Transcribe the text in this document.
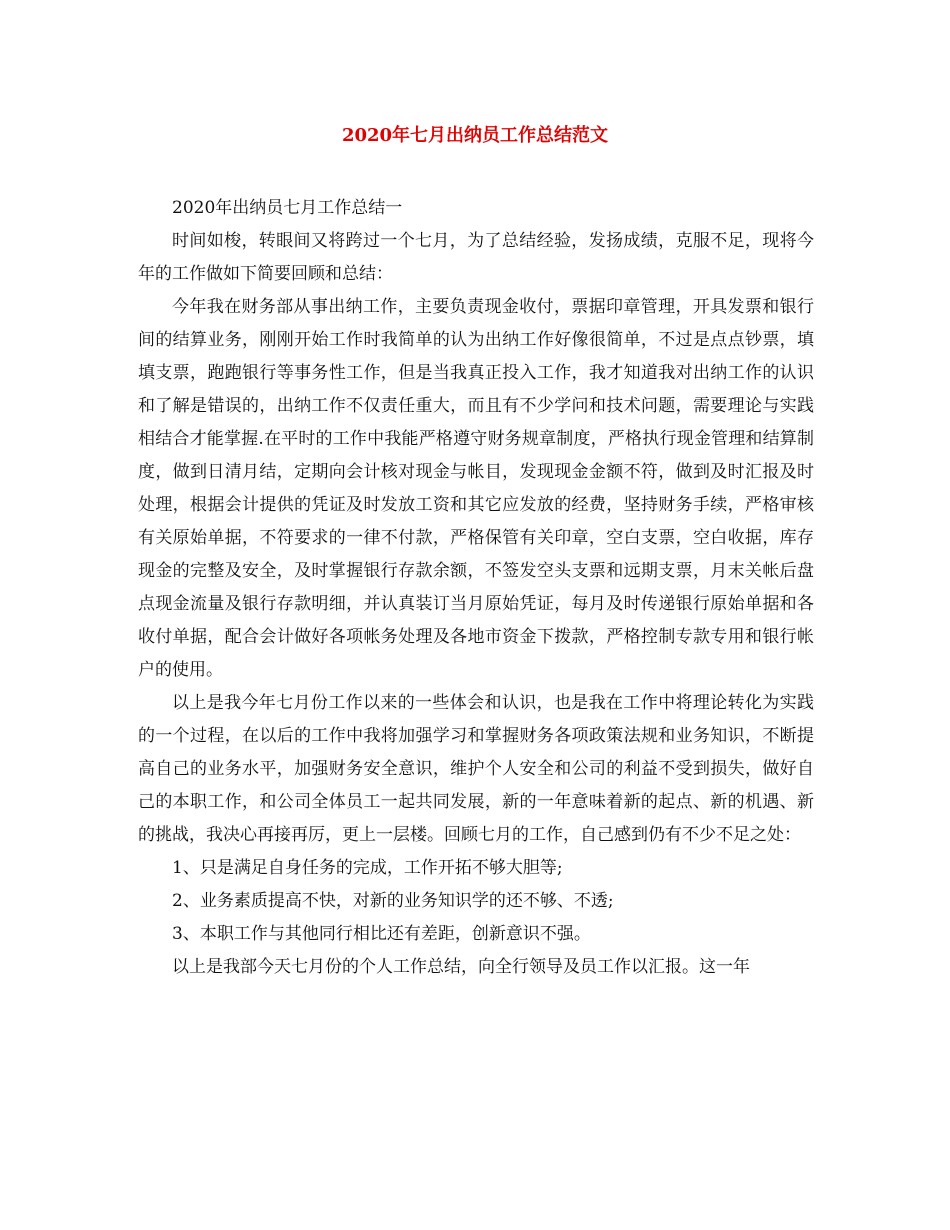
2020年七月出纳员工作总结范文

2020年出纳员七月工作总结一

时间如梭，转眼间又将跨过一个七月，为了总结经验，发扬成绩，克服不足，现将今年的工作做如下简要回顾和总结：

今年我在财务部从事出纳工作，主要负责现金收付，票据印章管理，开具发票和银行间的结算业务，刚刚开始工作时我简单的认为出纳工作好像很简单，不过是点点钞票，填填支票，跑跑银行等事务性工作，但是当我真正投入工作，我才知道我对出纳工作的认识和了解是错误的，出纳工作不仅责任重大，而且有不少学问和技术问题，需要理论与实践相结合才能掌握.在平时的工作中我能严格遵守财务规章制度，严格执行现金管理和结算制度，做到日清月结，定期向会计核对现金与帐目，发现现金金额不符，做到及时汇报及时处理，根据会计提供的凭证及时发放工资和其它应发放的经费，坚持财务手续，严格审核有关原始单据，不符要求的一律不付款，严格保管有关印章，空白支票，空白收据，库存现金的完整及安全，及时掌握银行存款余额，不签发空头支票和远期支票，月末关帐后盘点现金流量及银行存款明细，并认真装订当月原始凭证，每月及时传递银行原始单据和各收付单据，配合会计做好各项帐务处理及各地市资金下拨款，严格控制专款专用和银行帐户的使用。

以上是我今年七月份工作以来的一些体会和认识，也是我在工作中将理论转化为实践的一个过程，在以后的工作中我将加强学习和掌握财务各项政策法规和业务知识，不断提高自己的业务水平，加强财务安全意识，维护个人安全和公司的利益不受到损失，做好自己的本职工作，和公司全体员工一起共同发展，新的一年意味着新的起点、新的机遇、新的挑战，我决心再接再厉，更上一层楼。回顾七月的工作，自己感到仍有不少不足之处：

1、只是满足自身任务的完成，工作开拓不够大胆等;

2、业务素质提高不快，对新的业务知识学的还不够、不透;

3、本职工作与其他同行相比还有差距，创新意识不强。

以上是我部今天七月份的个人工作总结，向全行领导及员工作以汇报。这一年
